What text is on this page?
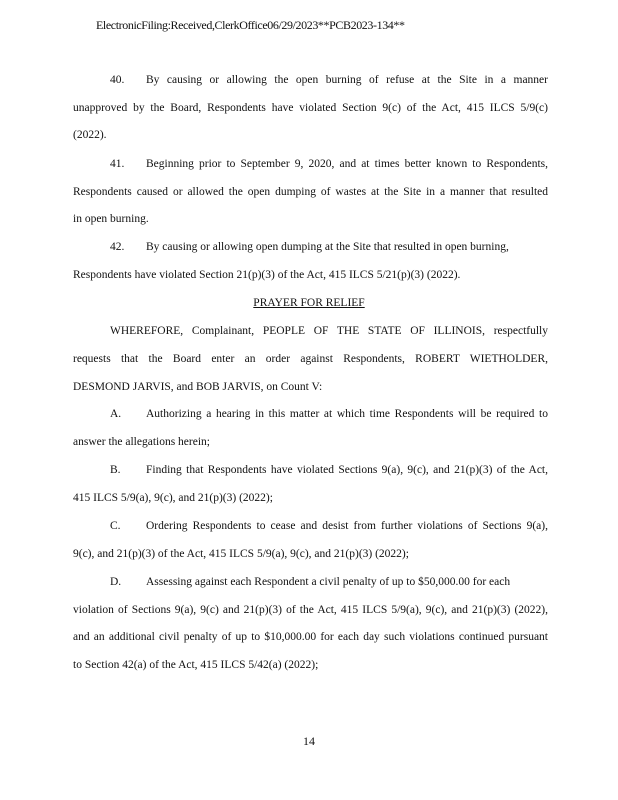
ElectronicFiling:Received,ClerkOffice06/29/2023**PCB2023-134**
40. By causing or allowing the open burning of refuse at the Site in a manner
unapproved by the Board, Respondents have violated Section 9(c) of the Act, 415 ILCS 5/9(c)
(2022).
41. Beginning prior to September 9, 2020, and at times better known to Respondents,
Respondents caused or allowed the open dumping of wastes at the Site in a manner that resulted
in open burning.
42. By causing or allowing open dumping at the Site that resulted in open burning,
Respondents have violated Section 21(p)(3) of the Act, 415 ILCS 5/21(p)(3) (2022).
PRAYER FOR RELIEF
WHEREFORE, Complainant, PEOPLE OF THE STATE OF ILLINOIS, respectfully
requests that the Board enter an order against Respondents, ROBERT WIETHOLDER,
DESMOND JARVIS, and BOB JARVIS, on Count V:
A. Authorizing a hearing in this matter at which time Respondents will be required to
answer the allegations herein;
B. Finding that Respondents have violated Sections 9(a), 9(c), and 21(p)(3) of the Act,
415 ILCS 5/9(a), 9(c), and 21(p)(3) (2022);
C. Ordering Respondents to cease and desist from further violations of Sections 9(a),
9(c), and 21(p)(3) of the Act, 415 ILCS 5/9(a), 9(c), and 21(p)(3) (2022);
D. Assessing against each Respondent a civil penalty of up to $50,000.00 for each
violation of Sections 9(a), 9(c) and 21(p)(3) of the Act, 415 ILCS 5/9(a), 9(c), and 21(p)(3) (2022),
and an additional civil penalty of up to $10,000.00 for each day such violations continued pursuant
to Section 42(a) of the Act, 415 ILCS 5/42(a) (2022);
14
